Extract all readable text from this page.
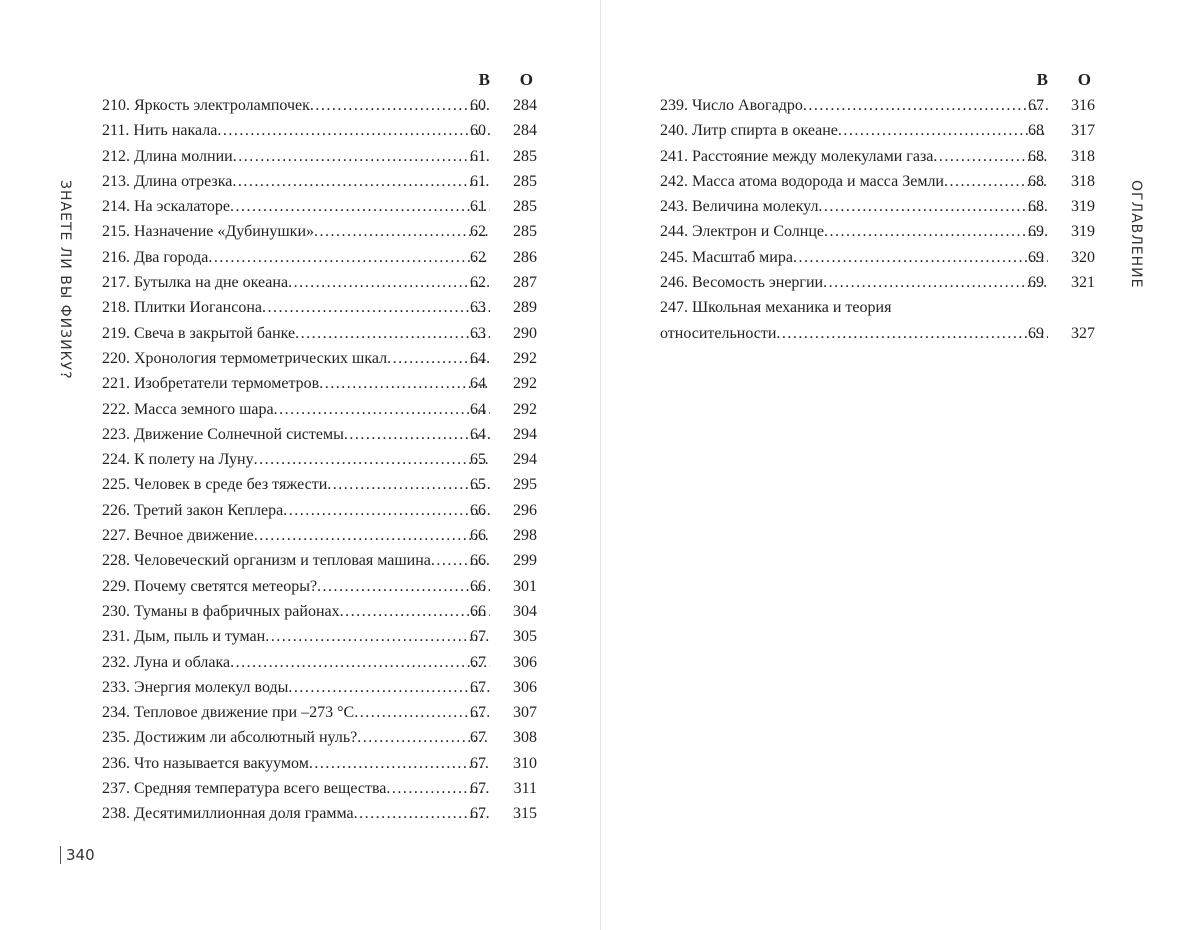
ЗНАЕТЕ ЛИ ВЫ ФИЗИКУ?
В О
210. Яркость электролампочек .....	60 284
211. Нить накала .....	60 284
212. Длина молнии .....	61 285
213. Длина отрезка .....	61 285
214. На эскалаторе .....	61 285
215. Назначение «Дубинушки» .....	62 285
216. Два города .....	62 286
217. Бутылка на дне океана .....	62 287
218. Плитки Иогансона .....	63 289
219. Свеча в закрытой банке .....	63 290
220. Хронология термометрических шкал .....	64 292
221. Изобретатели термометров .....	64 292
222. Масса земного шара .....	64 292
223. Движение Солнечной системы .....	64 294
224. К полету на Луну .....	65 294
225. Человек в среде без тяжести .....	65 295
226. Третий закон Кеплера .....	66 296
227. Вечное движение .....	66 298
228. Человеческий организм и тепловая машина ..... 66 299
229. Почему светятся метеоры? .....	66 301
230. Туманы в фабричных районах .....	66 304
231. Дым, пыль и туман .....	67 305
232. Луна и облака .....	67 306
233. Энергия молекул воды .....	67 306
234. Тепловое движение при –273 °С .....	67 307
235. Достижим ли абсолютный нуль? .....	67 308
236. Что называется вакуумом .....	67 310
237. Средняя температура всего вещества .....	67 311
238. Десятимиллионная доля грамма .....	67 315
340
В О
239. Число Авогадро .....	67 316
240. Литр спирта в океане .....	68 317
241. Расстояние между молекулами газа .....	68 318
242. Масса атома водорода и масса Земли .....	68 318
243. Величина молекул .....	68 319
244. Электрон и Солнце .....	69 319
245. Масштаб мира .....	69 320
246. Весомость энергии .....	69 321
247. Школьная механика и теория
относительности .....	69 327
ОГЛАВЛЕНИЕ
